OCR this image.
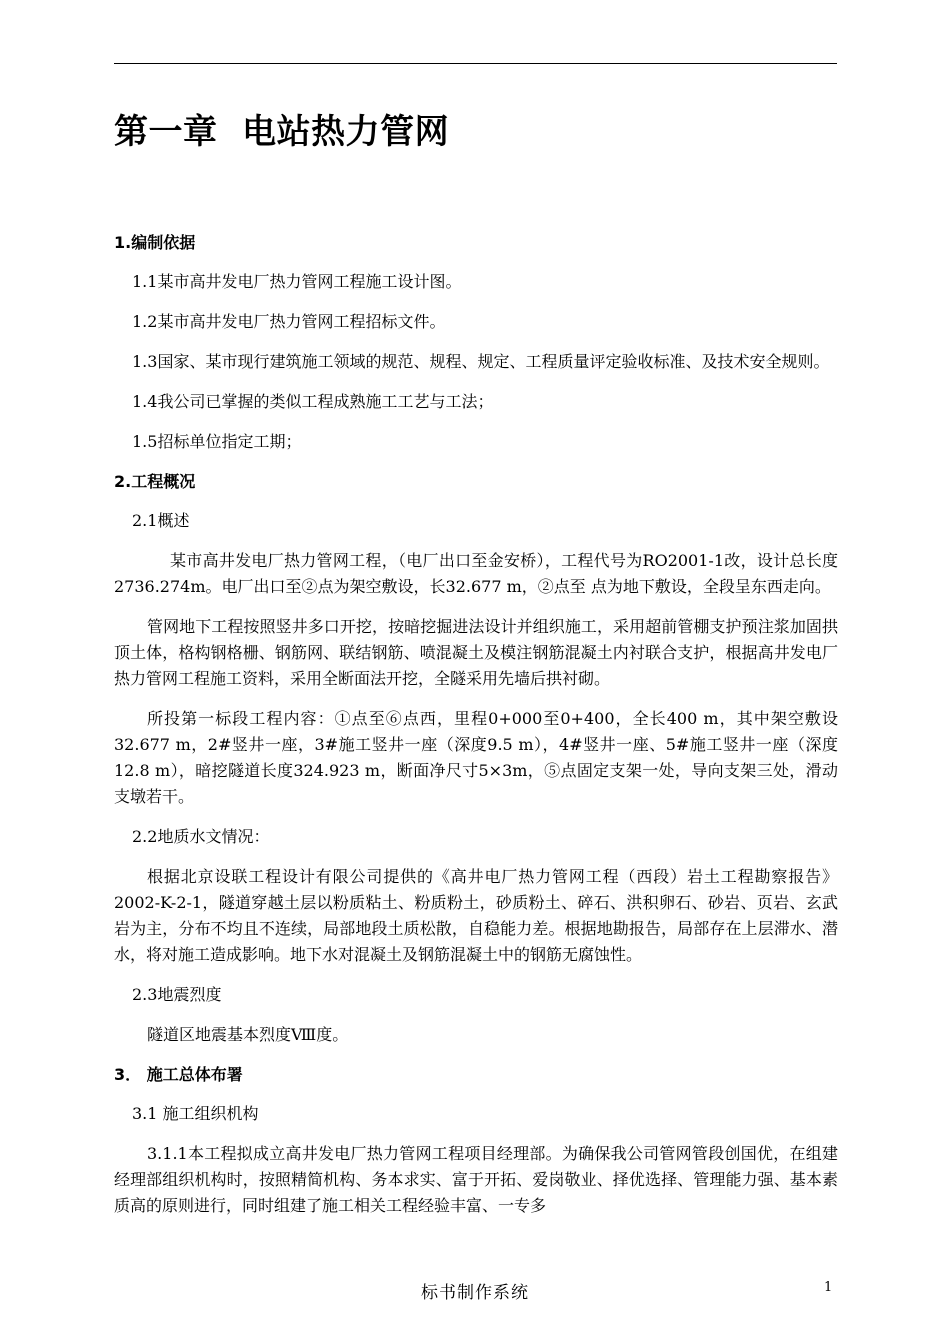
第一章  电站热力管网
1.编制依据
1.1某市高井发电厂热力管网工程施工设计图。
1.2某市高井发电厂热力管网工程招标文件。
1.3国家、某市现行建筑施工领域的规范、规程、规定、工程质量评定验收标准、及技术安全规则。
1.4我公司已掌握的类似工程成熟施工工艺与工法；
1.5招标单位指定工期；
2.工程概况
2.1概述
某市高井发电厂热力管网工程，（电厂出口至金安桥），工程代号为RO2001-1改，设计总长度2736.274m。电厂出口至②点为架空敷设，长32.677 m，②点至 点为地下敷设，全段呈东西走向。
管网地下工程按照竖井多口开挖，按暗挖掘进法设计并组织施工，采用超前管棚支护预注浆加固拱顶土体，格构钢格栅、钢筋网、联结钢筋、喷混凝土及模注钢筋混凝土内衬联合支护，根据高井发电厂热力管网工程施工资料，采用全断面法开挖，全隧采用先墙后拱衬砌。
所投第一标段工程内容：①点至⑥点西，里程0+000至0+400，全长400 m，其中架空敷设32.677 m，2#竖井一座，3#施工竖井一座（深度9.5 m），4#竖井一座、5#施工竖井一座（深度12.8 m），暗挖隧道长度324.923 m，断面净尺寸5×3m，⑤点固定支架一处，导向支架三处，滑动支墩若干。
2.2地质水文情况：
根据北京设联工程设计有限公司提供的《高井电厂热力管网工程（西段）岩土工程勘察报告》2002-K-2-1，隧道穿越土层以粉质粘土、粉质粉土，砂质粉土、碎石、洪积卵石、砂岩、页岩、玄武岩为主，分布不均且不连续，局部地段土质松散，自稳能力差。根据地勘报告，局部存在上层滞水、潜水，将对施工造成影响。地下水对混凝土及钢筋混凝土中的钢筋无腐蚀性。
2.3地震烈度
隧道区地震基本烈度Ⅷ度。
3． 施工总体布署
3.1 施工组织机构
3.1.1本工程拟成立高井发电厂热力管网工程项目经理部。为确保我公司管网管段创国优，在组建经理部组织机构时，按照精简机构、务本求实、富于开拓、爱岗敬业、择优选择、管理能力强、基本素质高的原则进行，同时组建了施工相关工程经验丰富、一专多
标书制作系统	1
